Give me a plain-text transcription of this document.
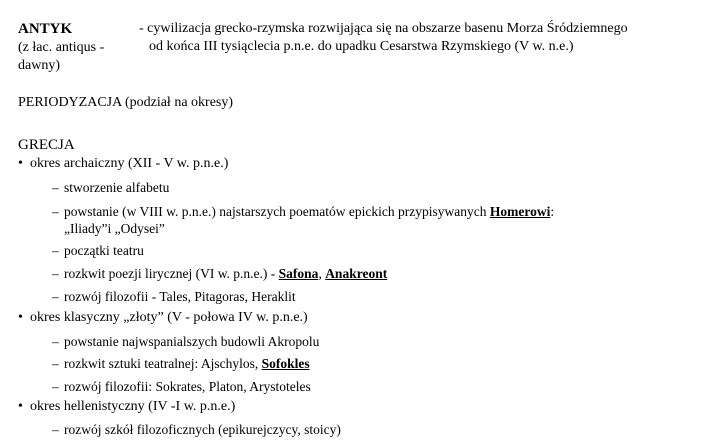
ANTYK
(z łac. antiqus -
dawny)
- cywilizacja grecko-rzymska rozwijająca się na obszarze basenu Morza Śródziemnego
od końca III tysiąclecia p.n.e. do upadku Cesarstwa Rzymskiego (V w. n.e.)
PERIODYZACJA (podział na okresy)
GRECJA
• okres archaiczny (XII - V w. p.n.e.)
– stworzenie alfabetu
– powstanie (w VIII w. p.n.e.) najstarszych poematów epickich przypisywanych Homerowi:
„Iliady”i „Odysei”
– początki teatru
– rozkwit poezji lirycznej (VI w. p.n.e.) - Safona, Anakreont
– rozwój filozofii - Tales, Pitagoras, Heraklit
• okres klasyczny „złoty” (V - połowa IV w. p.n.e.)
– powstanie najwspanialszych budowli Akropolu
– rozkwit sztuki teatralnej: Ajschylos, Sofokles
– rozwój filozofii: Sokrates, Platon, Arystoteles
• okres hellenistyczny (IV -I w. p.n.e.)
– rozwój szkół filozoficznych (epikurejczycy, stoicy)
